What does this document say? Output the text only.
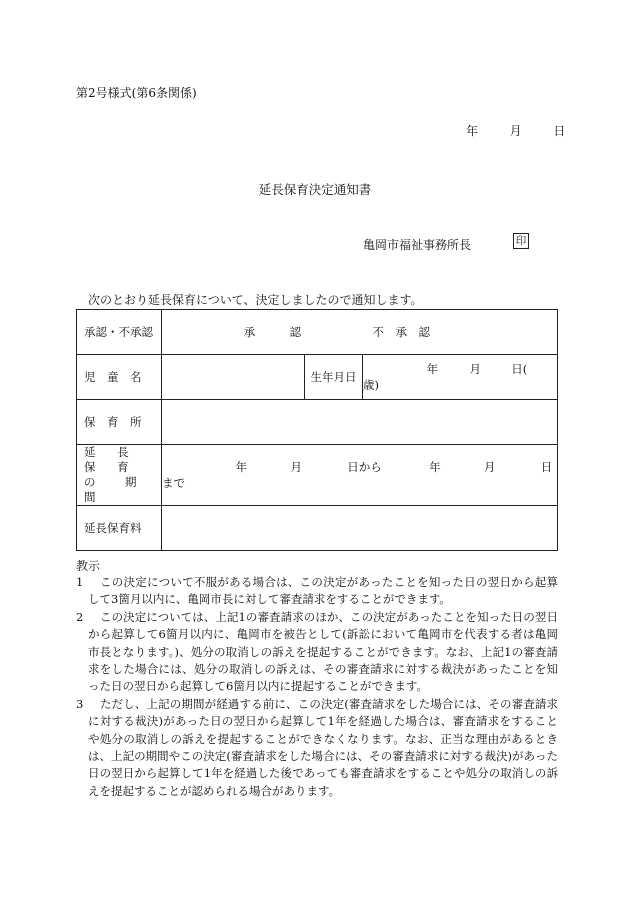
第2号様式(第6条関係)
年	月	日
延長保育決定通知書
亀岡市福祉事務所長	印
次のとおり延長保育について、決定しましたので通知します。
承認・不承認	承　　　認 不　承　認		
児　童　名		生年月日	年 月 日(  歳)
保　育　所			

延 長 保 育
の　期　間	年 月 日から 年 月 日まで		
延長保育料			
教示
1	この決定について不服がある場合は、この決定があったことを知った日の翌日から起算して3箇月以内に、亀岡市長に対して審査請求をすることができます。
2	この決定については、上記1の審査請求のほか、この決定があったことを知った日の翌日から起算して6箇月以内に、亀岡市を被告として(訴訟において亀岡市を代表する者は亀岡市長となります。)、処分の取消しの訴えを提起することができます。なお、上記1の審査請求をした場合には、処分の取消しの訴えは、その審査請求に対する裁決があったことを知った日の翌日から起算して6箇月以内に提起することができます。
3	ただし、上記の期間が経過する前に、この決定(審査請求をした場合には、その審査請求に対する裁決)があった日の翌日から起算して1年を経過した場合は、審査請求をすることや処分の取消しの訴えを提起することができなくなります。なお、正当な理由があるときは、上記の期間やこの決定(審査請求をした場合には、その審査請求に対する裁決)があった日の翌日から起算して1年を経過した後であっても審査請求をすることや処分の取消しの訴えを提起することが認められる場合があります。
